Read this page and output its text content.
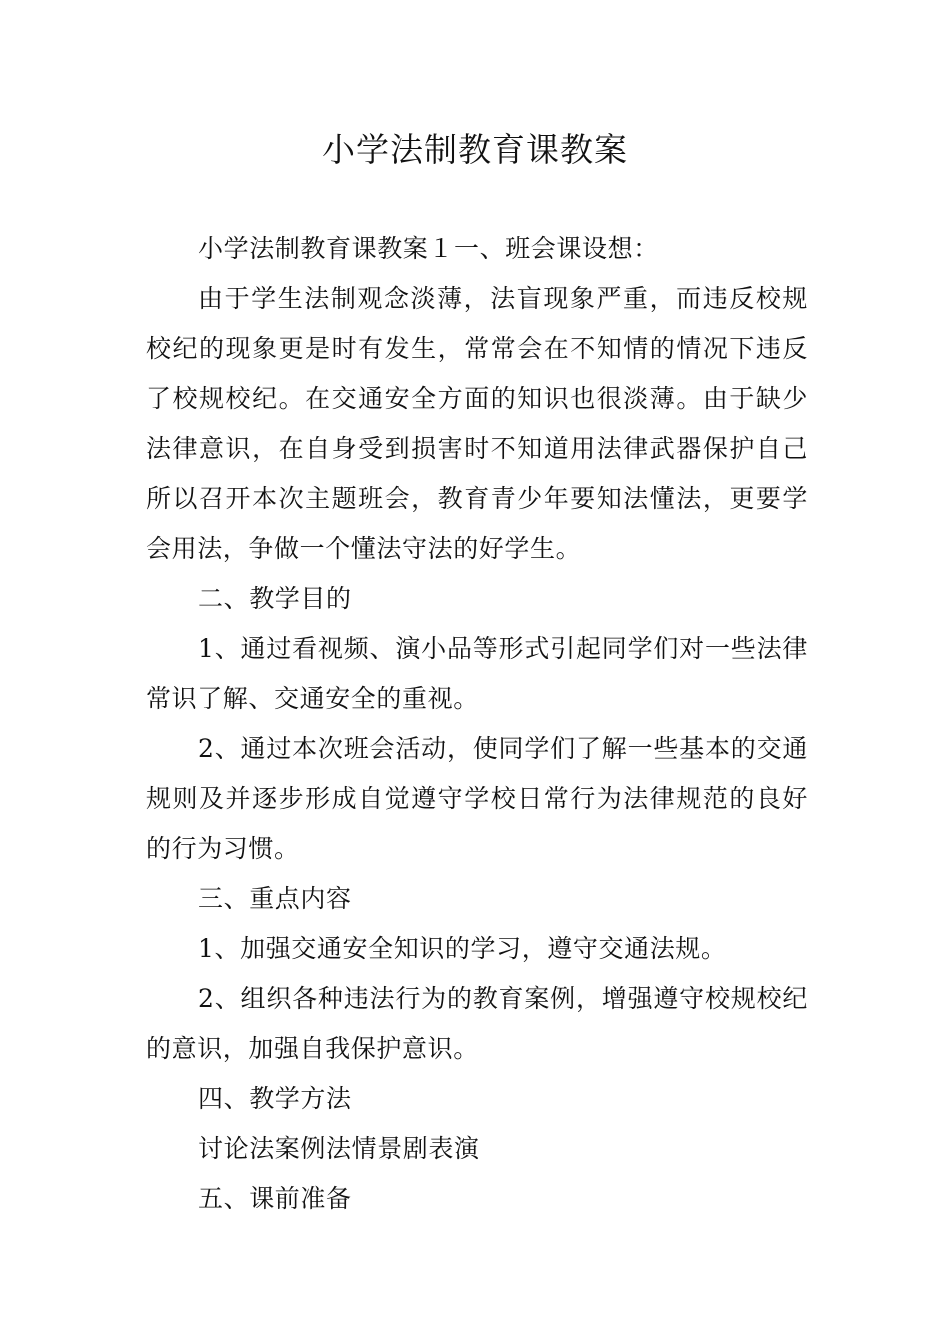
小学法制教育课教案

小学法制教育课教案１一、班会课设想：

由于学生法制观念淡薄，法盲现象严重，而违反校规校纪的现象更是时有发生，常常会在不知情的情况下违反了校规校纪。在交通安全方面的知识也很淡薄。由于缺少法律意识，在自身受到损害时不知道用法律武器保护自己所以召开本次主题班会，教育青少年要知法懂法，更要学会用法，争做一个懂法守法的好学生。

二、教学目的

1、通过看视频、演小品等形式引起同学们对一些法律常识了解、交通安全的重视。

2、通过本次班会活动，使同学们了解一些基本的交通规则及并逐步形成自觉遵守学校日常行为法律规范的良好的行为习惯。

三、重点内容

1、加强交通安全知识的学习，遵守交通法规。

2、组织各种违法行为的教育案例，增强遵守校规校纪的意识，加强自我保护意识。

四、教学方法

讨论法案例法情景剧表演

五、课前准备
